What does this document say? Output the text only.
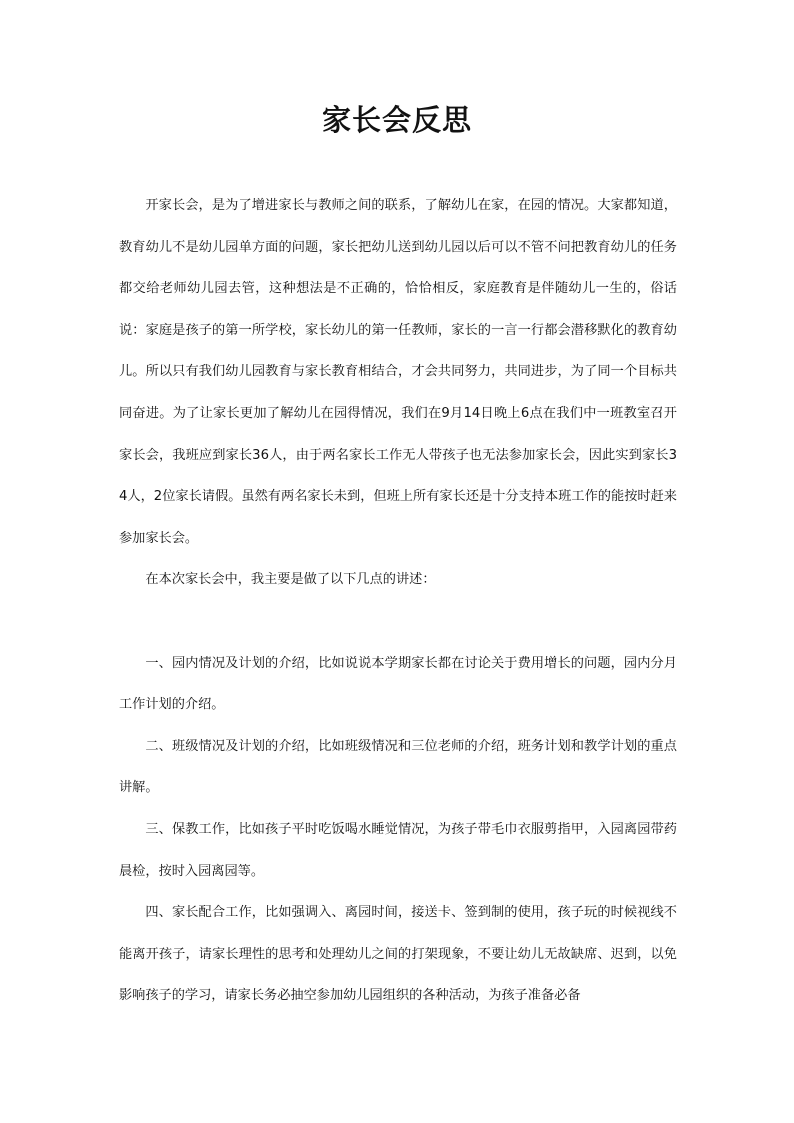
家长会反思

开家长会，是为了增进家长与教师之间的联系，了解幼儿在家，在园的情况。大家都知道，教育幼儿不是幼儿园单方面的问题，家长把幼儿送到幼儿园以后可以不管不问把教育幼儿的任务都交给老师幼儿园去管，这种想法是不正确的，恰恰相反，家庭教育是伴随幼儿一生的，俗话说：家庭是孩子的第一所学校，家长幼儿的第一任教师，家长的一言一行都会潜移默化的教育幼儿。所以只有我们幼儿园教育与家长教育相结合，才会共同努力，共同进步，为了同一个目标共同奋进。为了让家长更加了解幼儿在园得情况，我们在9月14日晚上6点在我们中一班教室召开家长会，我班应到家长36人，由于两名家长工作无人带孩子也无法参加家长会，因此实到家长34人，2位家长请假。虽然有两名家长未到，但班上所有家长还是十分支持本班工作的能按时赶来参加家长会。

在本次家长会中，我主要是做了以下几点的讲述：

一、园内情况及计划的介绍，比如说说本学期家长都在讨论关于费用增长的问题，园内分月工作计划的介绍。

二、班级情况及计划的介绍，比如班级情况和三位老师的介绍，班务计划和教学计划的重点讲解。

三、保教工作，比如孩子平时吃饭喝水睡觉情况，为孩子带毛巾衣服剪指甲，入园离园带药晨检，按时入园离园等。

四、家长配合工作，比如强调入、离园时间，接送卡、签到制的使用，孩子玩的时候视线不能离开孩子，请家长理性的思考和处理幼儿之间的打架现象，不要让幼儿无故缺席、迟到，以免影响孩子的学习，请家长务必抽空参加幼儿园组织的各种活动，为孩子准备必备
